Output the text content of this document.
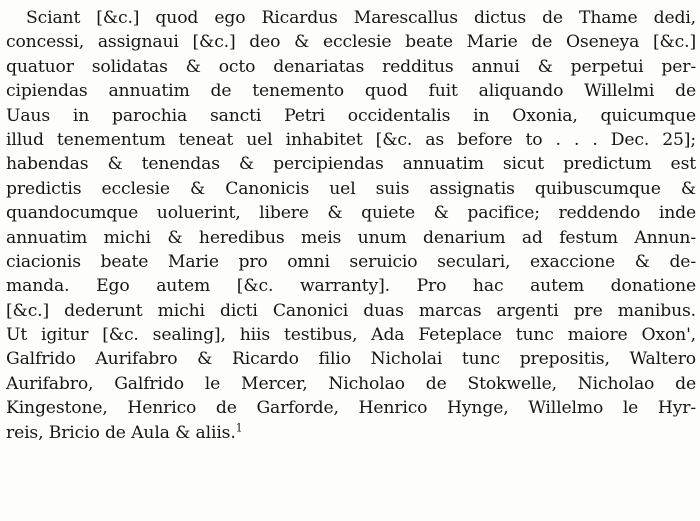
Sciant [&c.] quod ego Ricardus Marescallus dictus de Thame dedi,
concessi, assignaui [&c.] deo & ecclesie beate Marie de Oseneya [&c.]
quatuor solidatas & octo denariatas redditus annui & perpetui per-
cipiendas annuatim de tenemento quod fuit aliquando Willelmi de
Uaus in parochia sancti Petri occidentalis in Oxonia, quicumque
illud tenementum teneat uel inhabitet [&c. as before to . . . Dec. 25];
habendas & tenendas & percipiendas annuatim sicut predictum est
predictis ecclesie & Canonicis uel suis assignatis quibuscumque &
quandocumque uoluerint, libere & quiete & pacifice; reddendo inde
annuatim michi & heredibus meis unum denarium ad festum Annun-
ciacionis beate Marie pro omni seruicio seculari, exaccione & de-
manda. Ego autem [&c. warranty]. Pro hac autem donatione
[&c.] dederunt michi dicti Canonici duas marcas argenti pre manibus.
Ut igitur [&c. sealing], hiis testibus, Ada Feteplace tunc maiore Oxon',
Galfrido Aurifabro & Ricardo filio Nicholai tunc prepositis, Waltero
Aurifabro, Galfrido le Mercer, Nicholao de Stokwelle, Nicholao de
Kingestone, Henrico de Garforde, Henrico Hynge, Willelmo le Hyr-
reis, Bricio de Aula & aliis.$^1$
